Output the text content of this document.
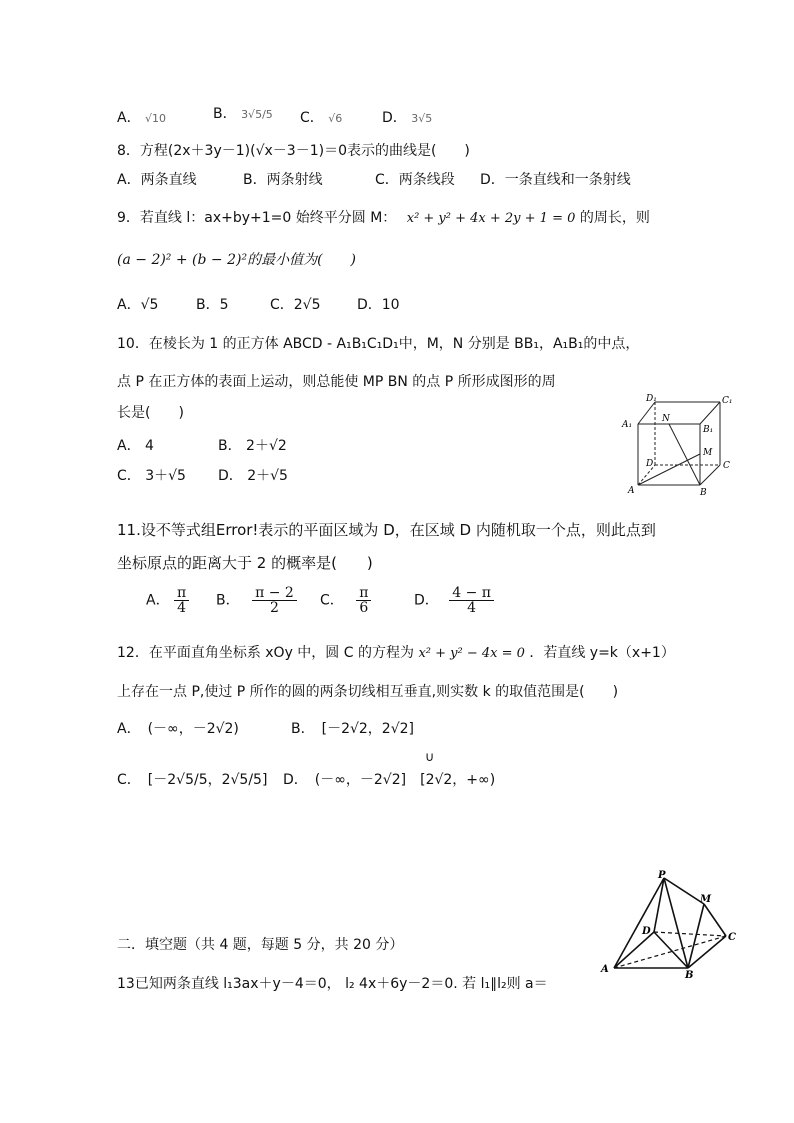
A． √10	B． 3√5/5 C． √6	D． 3√5
8．方程(2x＋3y－1)(√x－3－1)＝0表示的曲线是(　　)
A．两条直线	B．两条射线	C．两条线段 D．一条直线和一条射线
9．若直线 l：ax+by+1=0 始终平分圆 M： x² + y² + 4x + 2y + 1 = 0 的周长，则
(a − 2)² + (b − 2)²的最小值为(　　)
A．√5	B．5	C．2√5	D．10
10．在棱长为 1 的正方体 ABCD - A₁B₁C₁D₁中，M，N 分别是 BB₁，A₁B₁的中点，
点 P 在正方体的表面上运动，则总能使 MP BN 的点 P 所形成图形的周
长是(　　)
A． 4	B． 2＋√2
C． 3＋√5 D． 2＋√5
D₁	C₁
A₁
N
B₁
D
M
C
A	B
11.设不等式组Error!表示的平面区域为 D，在区域 D 内随机取一个点，则此点到
坐标原点的距离大于 2 的概率是(　　)
A． $\frac{\pi}{4}$ B． $\frac{\pi - 2}{2}$ C． $\frac{\pi}{6}$	D． $\frac{4 - \pi}{4}$
12．在平面直角坐标系 xOy 中，圆 C 的方程为 x² + y² − 4x = 0 ．若直线 y=k（x+1）
上存在一点 P,使过 P 所作的圆的两条切线相互垂直,则实数 k 的取值范围是(　　)
A．　(－∞，－2√2)	B．　[－2√2，2√2]
∪
C．　[－2√5/5，2√5/5] D．　(－∞，－2√2]　[2√2，+∞)
P
M
D
C
A
B
二．填空题（共 4 题，每题 5 分，共 20 分）
13已知两条直线 l₁3ax＋y－4＝0， l₂ 4x＋6y－2＝0. 若 l₁∥l₂则 a＝
